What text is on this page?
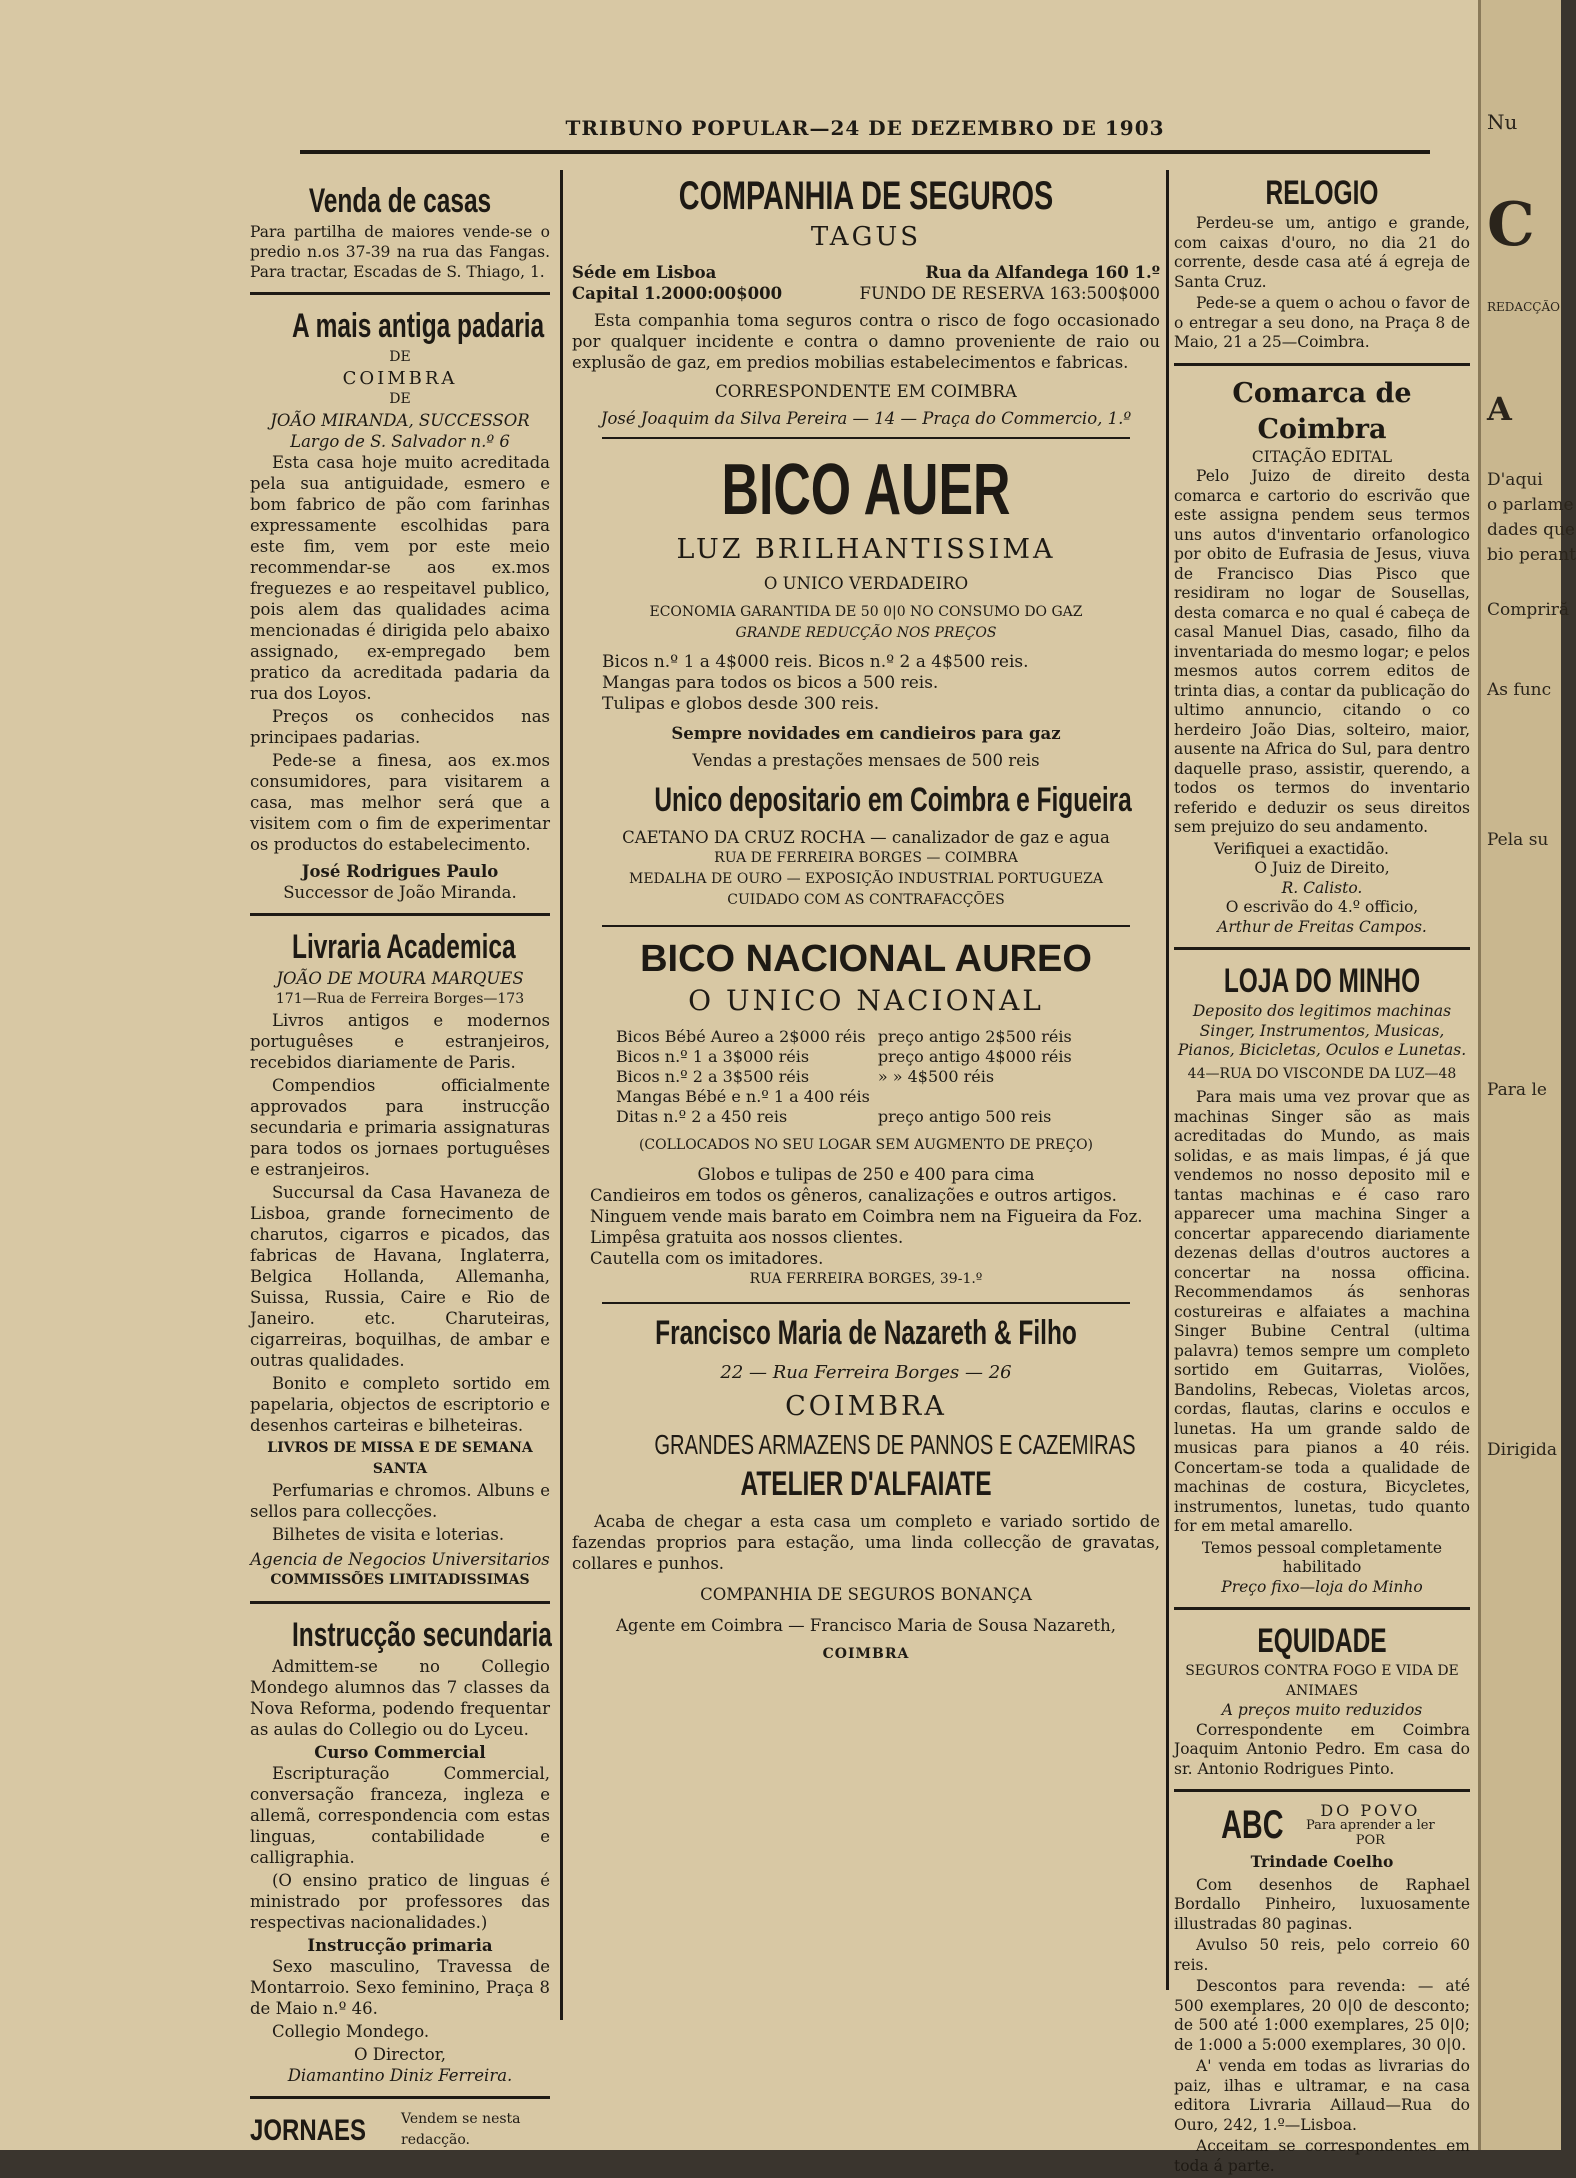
TRIBUNO POPULAR—24 DE DEZEMBRO DE 1903
Venda de casas
Para partilha de maiores vende-se o predio n.os 37-39 na rua das Fangas. Para tractar, Escadas de S. Thiago, 1.
A mais antiga padaria
DE
COIMBRA
DE
JOÃO MIRANDA, SUCCESSOR
Largo de S. Salvador n.º 6

Esta casa hoje muito acreditada pela sua antiguidade, esmero e bom fabrico de pão com farinhas expressamente escolhidas para este fim, vem por este meio recommendar-se aos ex.mos freguezes e ao respeitavel publico, pois alem das qualidades acima mencionadas é dirigida pelo abaixo assignado, ex-empregado bem pratico da acreditada padaria da rua dos Loyos.

Preços os conhecidos nas principaes padarias.

Pede-se a finesa, aos ex.mos consumidores, para visitarem a casa, mas melhor será que a visitem com o fim de experimentar os productos do estabelecimento.

José Rodrigues Paulo
Successor de João Miranda.
Livraria Academica
JOÃO DE MOURA MARQUES
171—Rua de Ferreira Borges—173

Livros antigos e modernos portuguêses e estranjeiros, recebidos diariamente de Paris.

Compendios officialmente approvados para instrucção secundaria e primaria assignaturas para todos os jornaes portuguêses e estranjeiros.

Succursal da Casa Havaneza de Lisboa, grande fornecimento de charutos, cigarros e picados, das fabricas de Havana, Inglaterra, Belgica Hollanda, Allemanha, Suissa, Russia, Caire e Rio de Janeiro. etc. Charuteiras, cigarreiras, boquilhas, de ambar e outras qualidades.

Bonito e completo sortido em papelaria, objectos de escriptorio e desenhos carteiras e bilheteiras.

LIVROS DE MISSA E DE SEMANA SANTA

Perfumarias e chromos. Albuns e sellos para collecções.

Bilhetes de visita e loterias.

Agencia de Negocios Universitarios
COMMISSÕES LIMITADISSIMAS
Instrucção secundaria

Admittem-se no Collegio Mondego alumnos das 7 classes da Nova Reforma, podendo frequentar as aulas do Collegio ou do Lyceu.

Curso Commercial

Escripturação Commercial, conversação franceza, ingleza e allemã, correspondencia com estas linguas, contabilidade e calligraphia.

(O ensino pratico de linguas é ministrado por professores das respectivas nacionalidades.)

Instrucção primaria

Sexo masculino, Travessa de Montarroio. Sexo feminino, Praça 8 de Maio n.º 46.

Collegio Mondego.

O Director,
Diamantino Diniz Ferreira.
JORNAES	Vendem se nesta redacção.
COMPANHIA DE SEGUROS
TAGUS
Séde em Lisboa	Rua da Alfandega 160 1.º
Capital 1.2000:00$000	FUNDO DE RESERVA 163:500$000

Esta companhia toma seguros contra o risco de fogo occasionado por qualquer incidente e contra o damno proveniente de raio ou explusão de gaz, em predios mobilias estabelecimentos e fabricas.

CORRESPONDENTE EM COIMBRA
José Joaquim da Silva Pereira — 14 — Praça do Commercio, 1.º
BICO AUER
LUZ BRILHANTISSIMA
O UNICO VERDADEIRO
ECONOMIA GARANTIDA DE 50 0|0 NO CONSUMO DO GAZ
GRANDE REDUCÇÃO NOS PREÇOS
Bicos n.º 1 a 4$000 reis. Bicos n.º 2 a 4$500 reis.
Mangas para todos os bicos a 500 reis.
Tulipas e globos desde 300 reis.
Sempre novidades em candieiros para gaz
Vendas a prestações mensaes de 500 reis
Unico depositario em Coimbra e Figueira
CAETANO DA CRUZ ROCHA — canalizador de gaz e agua
RUA DE FERREIRA BORGES — COIMBRA
MEDALHA DE OURO — EXPOSIÇÃO INDUSTRIAL PORTUGUEZA
CUIDADO COM AS CONTRAFACÇÕES
BICO NACIONAL AUREO
O UNICO NACIONAL
Bicos Bébé Aureo a 2$000 réis	preço antigo 2$500 réis
Bicos n.º 1 a 3$000 réis	preço antigo 4$000 réis
Bicos n.º 2 a 3$500 réis	» » 4$500 réis
Mangas Bébé e n.º 1 a 400 réis	
Ditas n.º 2 a 450 reis	preço antigo 500 reis
(COLLOCADOS NO SEU LOGAR SEM AUGMENTO DE PREÇO)
Globos e tulipas de 250 e 400 para cima
Candieiros em todos os gêneros, canalizações e outros artigos.
Ninguem vende mais barato em Coimbra nem na Figueira da Foz.
Limpêsa gratuita aos nossos clientes.
Cautella com os imitadores.
RUA FERREIRA BORGES, 39-1.º
Francisco Maria de Nazareth & Filho
22 — Rua Ferreira Borges — 26
COIMBRA
GRANDES ARMAZENS DE PANNOS E CAZEMIRAS
ATELIER D'ALFAIATE

Acaba de chegar a esta casa um completo e variado sortido de fazendas proprios para estação, uma linda collecção de gravatas, collares e punhos.

COMPANHIA DE SEGUROS BONANÇA
Agente em Coimbra — Francisco Maria de Sousa Nazareth,
COIMBRA
RELOGIO

Perdeu-se um, antigo e grande, com caixas d'ouro, no dia 21 do corrente, desde casa até á egreja de Santa Cruz.

Pede-se a quem o achou o favor de o entregar a seu dono, na Praça 8 de Maio, 21 a 25—Coimbra.

Comarca de Coimbra
CITAÇÃO EDITAL

Pelo Juizo de direito desta comarca e cartorio do escrivão que este assigna pendem seus termos uns autos d'inventario orfanologico por obito de Eufrasia de Jesus, viuva de Francisco Dias Pisco que residiram no logar de Sousellas, desta comarca e no qual é cabeça de casal Manuel Dias, casado, filho da inventariada do mesmo logar; e pelos mesmos autos correm editos de trinta dias, a contar da publicação do ultimo annuncio, citando o co herdeiro João Dias, solteiro, maior, ausente na Africa do Sul, para dentro daquelle praso, assistir, querendo, a todos os termos do inventario referido e deduzir os seus direitos sem prejuizo do seu andamento.

Verifiquei a exactidão.
O Juiz de Direito,
R. Calisto.
O escrivão do 4.º officio,
Arthur de Freitas Campos.
LOJA DO MINHO
Deposito dos legitimos machinas Singer, Instrumentos, Musicas, Pianos, Bicicletas, Oculos e Lunetas.
44—RUA DO VISCONDE DA LUZ—48

Para mais uma vez provar que as machinas Singer são as mais acreditadas do Mundo, as mais solidas, e as mais limpas, é já que vendemos no nosso deposito mil e tantas machinas e é caso raro apparecer uma machina Singer a concertar apparecendo diariamente dezenas dellas d'outros auctores a concertar na nossa officina. Recommendamos ás senhoras costureiras e alfaiates a machina Singer Bubine Central (ultima palavra) temos sempre um completo sortido em Guitarras, Violões, Bandolins, Rebecas, Violetas arcos, cordas, flautas, clarins e occulos e lunetas. Ha um grande saldo de musicas para pianos a 40 réis. Concertam-se toda a qualidade de machinas de costura, Bicycletes, instrumentos, lunetas, tudo quanto for em metal amarello.

Temos pessoal completamente habilitado
Preço fixo—loja do Minho
EQUIDADE
SEGUROS CONTRA FOGO E VIDA DE ANIMAES
A preços muito reduzidos

Correspondente em Coimbra Joaquim Antonio Pedro. Em casa do sr. Antonio Rodrigues Pinto.

ABC	DO POVO
Para aprender a ler
POR
Trindade Coelho

Com desenhos de Raphael Bordallo Pinheiro, luxuosamente illustradas 80 paginas.

Avulso 50 reis, pelo correio 60 reis.

Descontos para revenda: — até 500 exemplares, 20 0|0 de desconto; de 500 até 1:000 exemplares, 25 0|0; de 1:000 a 5:000 exemplares, 30 0|0.

A' venda em todas as livrarias do paiz, ilhas e ultramar, e na casa editora Livraria Aillaud—Rua do Ouro, 242, 1.º—Lisboa.

Acceitam se correspondentes em toda á parte.

Nu
C
REDACÇÃO
A
D'aqui
o parlame
dades que
bio perant
Compriră
As func
Pela su
Para le
Dirigida
